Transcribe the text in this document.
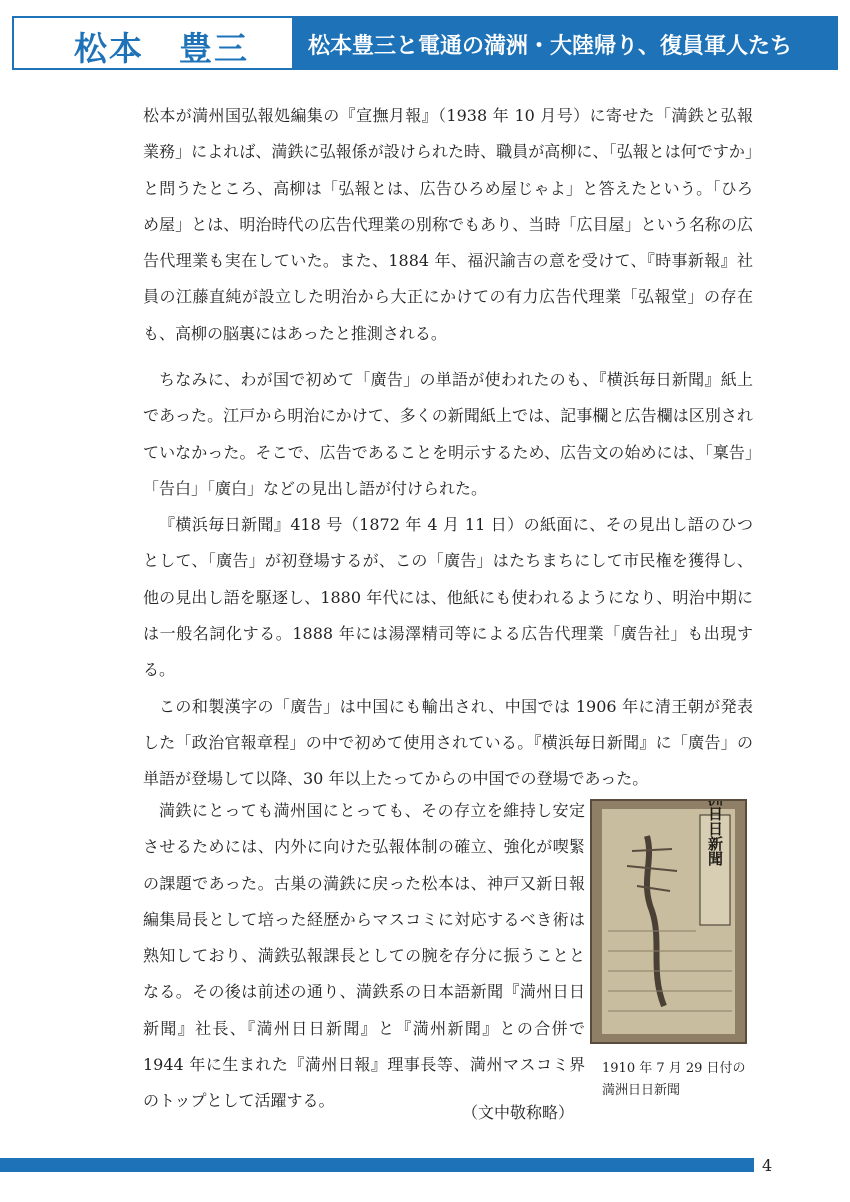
松本　豊三	松本豊三と電通の満洲・大陸帰り、復員軍人たち

松本が満州国弘報処編集の『宣撫月報』（1938 年 10 月号）に寄せた「満鉄と弘報業務」によれば、満鉄に弘報係が設けられた時、職員が高柳に、「弘報とは何ですか」と問うたところ、高柳は「弘報とは、広告ひろめ屋じゃよ」と答えたという。「ひろめ屋」とは、明治時代の広告代理業の別称でもあり、当時「広目屋」という名称の広告代理業も実在していた。また、1884 年、福沢諭吉の意を受けて、『時事新報』社員の江藤直純が設立した明治から大正にかけての有力広告代理業「弘報堂」の存在も、高柳の脳裏にはあったと推測される。

ちなみに、わが国で初めて「廣告」の単語が使われたのも、『横浜毎日新聞』紙上であった。江戸から明治にかけて、多くの新聞紙上では、記事欄と広告欄は区別されていなかった。そこで、広告であることを明示するため、広告文の始めには、「稟告」「告白」「廣白」などの見出し語が付けられた。

『横浜毎日新聞』418 号（1872 年 4 月 11 日）の紙面に、その見出し語のひつとして、「廣告」が初登場するが、この「廣告」はたちまちにして市民権を獲得し、他の見出し語を駆逐し、1880 年代には、他紙にも使われるようになり、明治中期には一般名詞化する。1888 年には湯澤精司等による広告代理業「廣告社」も出現する。

この和製漢字の「廣告」は中国にも輸出され、中国では 1906 年に清王朝が発表した「政治官報章程」の中で初めて使用されている。『横浜毎日新聞』に「廣告」の単語が登場して以降、30 年以上たってからの中国での登場であった。

満鉄にとっても満州国にとっても、その存立を維持し安定させるためには、内外に向けた弘報体制の確立、強化が喫緊の課題であった。古巣の満鉄に戻った松本は、神戸又新日報編集局長として培った経歴からマスコミに対応するべき術は熟知しており、満鉄弘報課長としての腕を存分に振うこととなる。その後は前述の通り、満鉄系の日本語新聞『満州日日新聞』社長、『満州日日新聞』と『満州新聞』との合併で 1944 年に生まれた『満州日報』理事長等、満州マスコミ界のトップとして活躍する。

（文中敬称略）
満洲日日新聞
1910 年 7 月 29 日付の
満洲日日新聞
4
